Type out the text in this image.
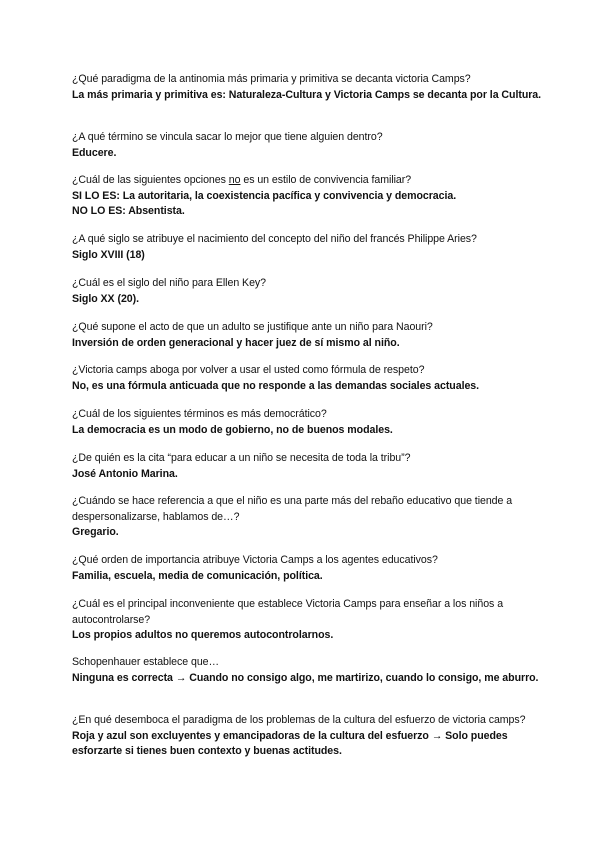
¿Qué paradigma de la antinomia más primaria y primitiva se decanta victoria Camps?
La más primaria y primitiva es: Naturaleza-Cultura y Victoria Camps se decanta por la Cultura.
¿A qué término se vincula sacar lo mejor que tiene alguien dentro?
Educere.
¿Cuál de las siguientes opciones no es un estilo de convivencia familiar?
SI LO ES: La autoritaria, la coexistencia pacífica y convivencia y democracia.
NO LO ES: Absentista.
¿A qué siglo se atribuye el nacimiento del concepto del niño del francés Philippe Aries?
Siglo XVIII (18)
¿Cuál es el siglo del niño para Ellen Key?
Siglo XX (20).
¿Qué supone el acto de que un adulto se justifique ante un niño para Naouri?
Inversión de orden generacional y hacer juez de sí mismo al niño.
¿Victoria camps aboga por volver a usar el usted como fórmula de respeto?
No, es una fórmula anticuada que no responde a las demandas sociales actuales.
¿Cuál de los siguientes términos es más democrático?
La democracia es un modo de gobierno, no de buenos modales.
¿De quién es la cita “para educar a un niño se necesita de toda la tribu”?
José Antonio Marina.
¿Cuándo se hace referencia a que el niño es una parte más del rebaño educativo que tiende a despersonalizarse, hablamos de…?
Gregario.
¿Qué orden de importancia atribuye Victoria Camps a los agentes educativos?
Familia, escuela, media de comunicación, política.
¿Cuál es el principal inconveniente que establece Victoria Camps para enseñar a los niños a autocontrolarse?
Los propios adultos no queremos autocontrolarnos.
Schopenhauer establece que…
Ninguna es correcta → Cuando no consigo algo, me martirizo, cuando lo consigo, me aburro.
¿En qué desemboca el paradigma de los problemas de la cultura del esfuerzo de victoria camps?
Roja y azul son excluyentes y emancipadoras de la cultura del esfuerzo → Solo puedes esforzarte si tienes buen contexto y buenas actitudes.
